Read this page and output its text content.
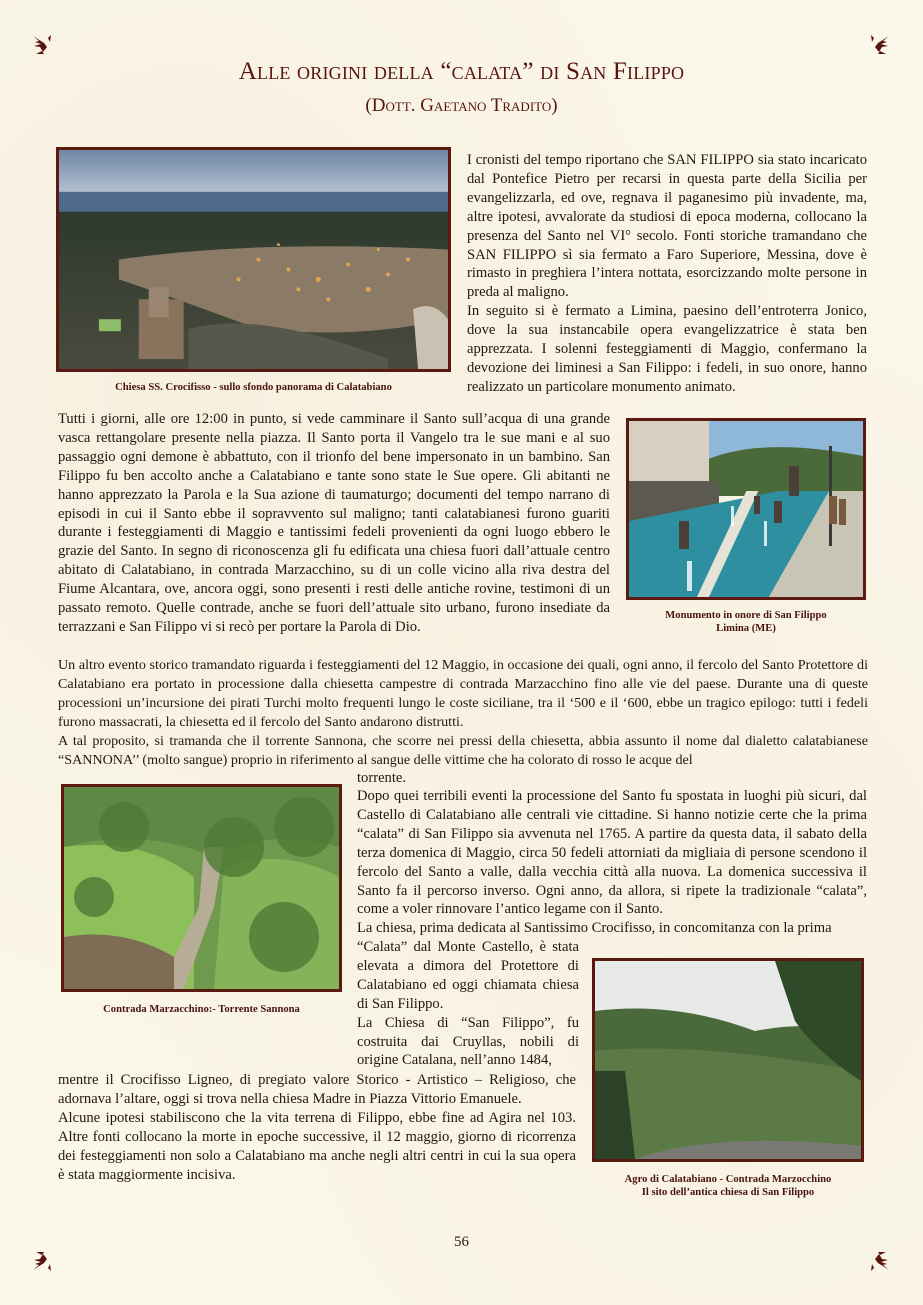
Alle origini della “calata” di San Filippo
(Dott. Gaetano Tradito)
Chiesa SS. Crocifisso - sullo sfondo panorama di Calatabiano

I cronisti del tempo riportano che SAN FILIPPO sia stato incaricato dal Pontefice Pietro per recarsi in questa parte della Sicilia per evangelizzarla, ed ove, regnava il paganesimo più invadente, ma, altre ipotesi, avvalorate da studiosi di epoca moderna, collocano la presenza del Santo nel VI° secolo. Fonti storiche tramandano che SAN FILIPPO sì sia fermato a Faro Superiore, Messina, dove è rimasto in preghiera l’intera nottata, esorcizzando molte persone in preda al maligno.

In seguito si è fermato a Limina, paesino dell’entroterra Jonico, dove la sua instancabile opera evangelizzatrice è stata ben apprezzata. I solenni festeggiamenti di Maggio, confermano la devozione dei liminesi a San Filippo: i fedeli, in suo onore, hanno realizzato un particolare monumento animato.

Monumento in onore di San Filippo
Limina (ME)

Tutti i giorni, alle ore 12:00 in punto, si vede camminare il Santo sull’acqua di una grande vasca rettangolare presente nella piazza. Il Santo porta il Vangelo tra le sue mani e al suo passaggio ogni demone è abbattuto, con il trionfo del bene impersonato in un bambino. San Filippo fu ben accolto anche a Calatabiano e tante sono state le Sue opere. Gli abitanti ne hanno apprezzato la Parola e la Sua azione di taumaturgo; documenti del tempo narrano di episodi in cui il Santo ebbe il sopravvento sul maligno; tanti calatabianesi furono guariti durante i festeggiamenti di Maggio e tantissimi fedeli provenienti da ogni luogo ebbero le grazie del Santo. In segno di riconoscenza gli fu edificata una chiesa fuori dall’attuale centro abitato di Calatabiano, in contrada Marzacchino, su di un colle vicino alla riva destra del Fiume Alcantara, ove, ancora oggi, sono presenti i resti delle antiche rovine, testimoni di un passato remoto. Quelle contrade, anche se fuori dell’attuale sito urbano, furono insediate da terrazzani e San Filippo vi si recò per portare la Parola di Dio.

Un altro evento storico tramandato riguarda i festeggiamenti del 12 Maggio, in occasione dei quali, ogni anno, il fercolo del Santo Protettore di Calatabiano era portato in processione dalla chiesetta campestre di contrada Marzacchino fino alle vie del paese. Durante una di queste processioni un’incursione dei pirati Turchi molto frequenti lungo le coste siciliane, tra il ‘500 e il ‘600, ebbe un tragico epilogo: tutti i fedeli furono massacrati, la chiesetta ed il fercolo del Santo andarono distrutti.

A tal proposito, si tramanda che il torrente Sannona, che scorre nei pressi della chiesetta, abbia assunto il nome dal dialetto calatabianese “SANNONA’’ (molto sangue) proprio in riferimento al sangue delle vittime che ha colorato di rosso le acque del

torrente.
Contrada Marzacchino:- Torrente Sannona

Dopo quei terribili eventi la processione del Santo fu spostata in luoghi più sicuri, dal Castello di Calatabiano alle centrali vie cittadine. Si hanno notizie certe che la prima “calata” di San Filippo sia avvenuta nel 1765. A partire da questa data, il sabato della terza domenica di Maggio, circa 50 fedeli attorniati da migliaia di persone scendono il fercolo del Santo a valle, dalla vecchia città alla nuova. La domenica successiva il Santo fa il percorso inverso. Ogni anno, da allora, si ripete la tradizionale “calata”, come a voler rinnovare l’antico legame con il Santo.

La chiesa, prima dedicata al Santissimo Crocifisso, in concomitanza con la prima

“Calata” dal Monte Castello, è stata elevata a dimora del Protettore di Calatabiano ed oggi chiamata chiesa di San Filippo.

La Chiesa di “San Filippo”, fu costruita dai Cruyllas, nobili di origine Catalana, nell’anno 1484,

Agro di Calatabiano - Contrada Marzocchino
Il sito dell’antica chiesa di San Filippo

mentre il Crocifisso Ligneo, di pregiato valore Storico - Artistico – Religioso, che adornava l’altare, oggi si trova nella chiesa Madre in Piazza Vittorio Emanuele.

Alcune ipotesi stabiliscono che la vita terrena di Filippo, ebbe fine ad Agira nel 103. Altre fonti collocano la morte in epoche successive, il 12 maggio, giorno di ricorrenza dei festeggiamenti non solo a Calatabiano ma anche negli altri centri in cui la sua opera è stata maggiormente incisiva.

56
